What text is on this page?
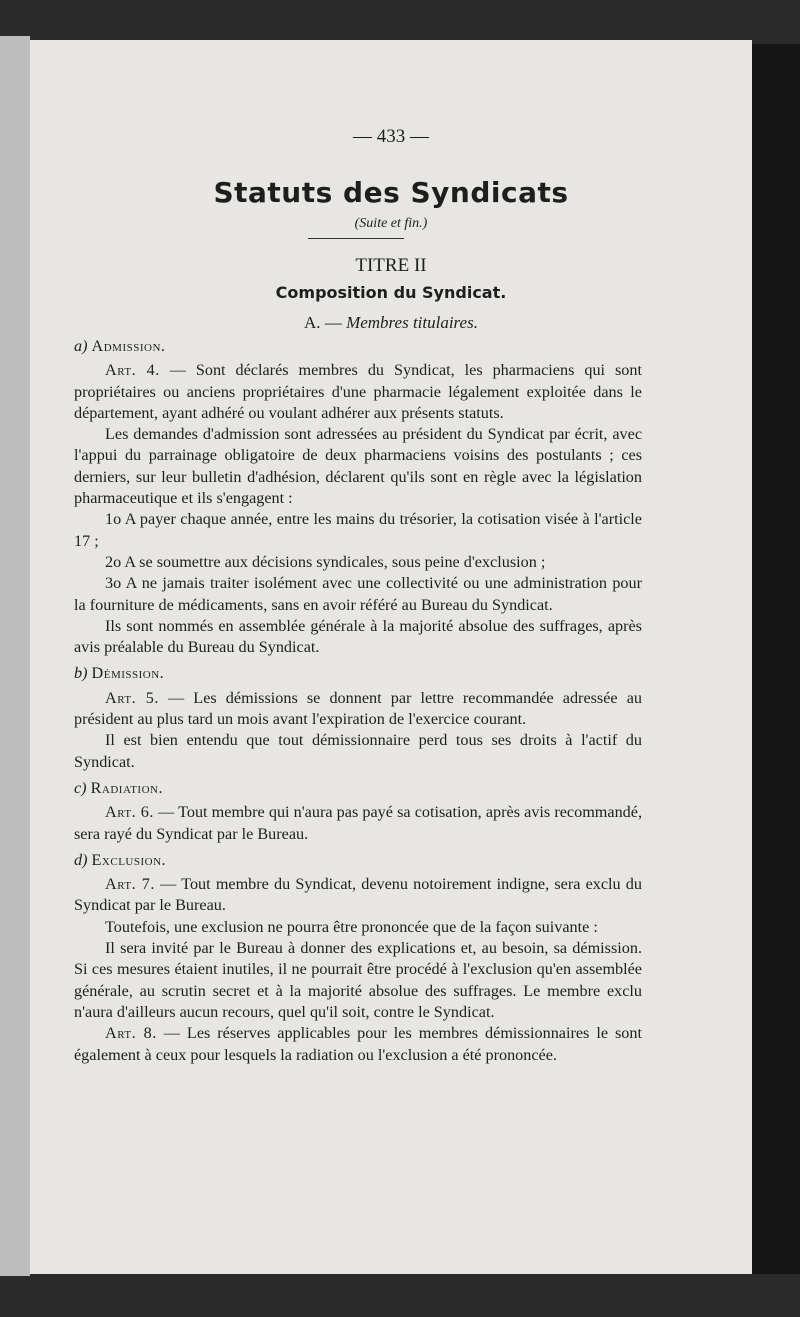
— 433 —
Statuts des Syndicats
(Suite et fin.)
TITRE II
Composition du Syndicat.
A. — Membres titulaires.

a) Admission.

Art. 4. — Sont déclarés membres du Syndicat, les pharmaciens qui sont propriétaires ou anciens propriétaires d'une pharmacie légalement exploitée dans le département, ayant adhéré ou voulant adhérer aux présents statuts.

Les demandes d'admission sont adressées au président du Syndicat par écrit, avec l'appui du parrainage obligatoire de deux pharmaciens voisins des postulants ; ces derniers, sur leur bulletin d'adhésion, déclarent qu'ils sont en règle avec la législation pharmaceutique et ils s'engagent :

1o A payer chaque année, entre les mains du trésorier, la cotisation visée à l'article 17 ;

2o A se soumettre aux décisions syndicales, sous peine d'exclusion ;

3o A ne jamais traiter isolément avec une collectivité ou une administration pour la fourniture de médicaments, sans en avoir référé au Bureau du Syndicat.

Ils sont nommés en assemblée générale à la majorité absolue des suffrages, après avis préalable du Bureau du Syndicat.

b) Démission.

Art. 5. — Les démissions se donnent par lettre recommandée adressée au président au plus tard un mois avant l'expiration de l'exercice courant.

Il est bien entendu que tout démissionnaire perd tous ses droits à l'actif du Syndicat.

c) Radiation.

Art. 6. — Tout membre qui n'aura pas payé sa cotisation, après avis recommandé, sera rayé du Syndicat par le Bureau.

d) Exclusion.

Art. 7. — Tout membre du Syndicat, devenu notoirement indigne, sera exclu du Syndicat par le Bureau.

Toutefois, une exclusion ne pourra être prononcée que de la façon suivante :

Il sera invité par le Bureau à donner des explications et, au besoin, sa démission. Si ces mesures étaient inutiles, il ne pourrait être procédé à l'exclusion qu'en assemblée générale, au scrutin secret et à la majorité absolue des suffrages. Le membre exclu n'aura d'ailleurs aucun recours, quel qu'il soit, contre le Syndicat.

Art. 8. — Les réserves applicables pour les membres démissionnaires le sont également à ceux pour lesquels la radiation ou l'exclusion a été prononcée.
